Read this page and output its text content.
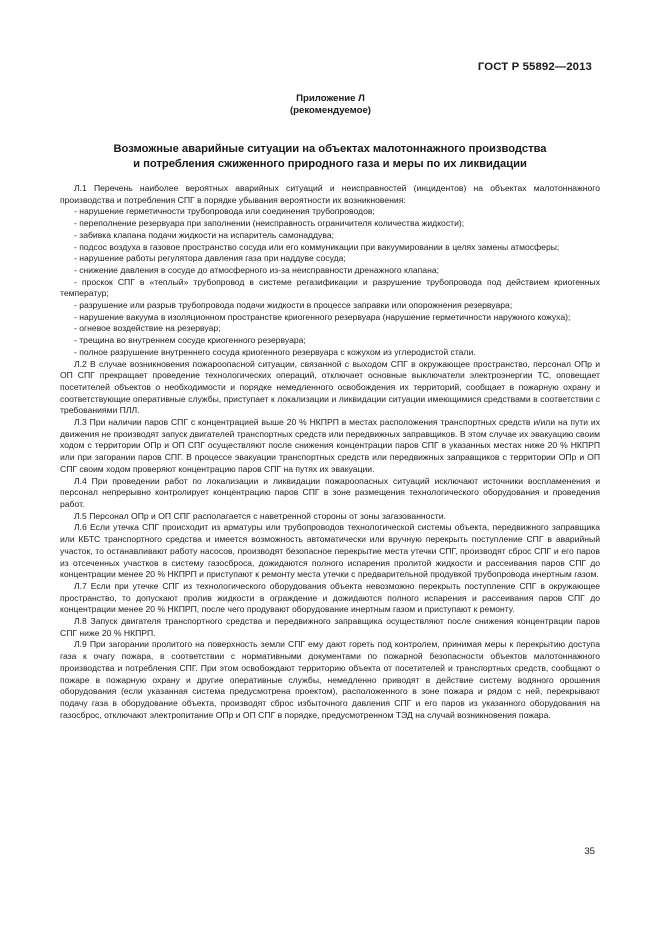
ГОСТ Р 55892—2013
Приложение Л
(рекомендуемое)
Возможные аварийные ситуации на объектах малотоннажного производства
и потребления сжиженного природного газа и меры по их ликвидации

Л.1 Перечень наиболее вероятных аварийных ситуаций и неисправностей (инцидентов) на объектах малотоннажного производства и потребления СПГ в порядке убывания вероятности их возникновения:

- нарушение герметичности трубопровода или соединения трубопроводов;

- переполнение резервуара при заполнении (неисправность ограничителя количества жидкости);

- забивка клапана подачи жидкости на испаритель самонаддува;

- подсос воздуха в газовое пространство сосуда или его коммуникации при вакуумировании в целях замены атмосферы;

- нарушение работы регулятора давления газа при наддуве сосуда;

- снижение давления в сосуде до атмосферного из-за неисправности дренажного клапана;

- проскок СПГ в «теплый» трубопровод в системе регазификации и разрушение трубопровода под действием криогенных температур;

- разрушение или разрыв трубопровода подачи жидкости в процессе заправки или опорожнения резервуара;

- нарушение вакуума в изоляционном пространстве криогенного резервуара (нарушение герметичности наружного кожуха);

- огневое воздействие на резервуар;

- трещина во внутреннем сосуде криогенного резервуара;

- полное разрушение внутреннего сосуда криогенного резервуара с кожухом из углеродистой стали.

Л.2 В случае возникновения пожароопасной ситуации, связанной с выходом СПГ в окружающее пространство, персонал ОПр и ОП СПГ прекращает проведение технологических операций, отключает основные выключатели электроэнергии ТС, оповещает посетителей объектов о необходимости и порядке немедленного освобождения их территорий, сообщает в пожарную охрану и соответствующие оперативные службы, приступает к локализации и ликвидации ситуации имеющимися средствами в соответствии с требованиями ПЛЛ.

Л.3 При наличии паров СПГ с концентрацией выше 20 % НКПРП в местах расположения транспортных средств и/или на пути их движения не производят запуск двигателей транспортных средств или передвижных заправщиков. В этом случае их эвакуацию своим ходом с территории ОПр и ОП СПГ осуществляют после снижения концентрации паров СПГ в указанных местах ниже 20 % НКПРП или при загорании паров СПГ. В процессе эвакуации транспортных средств или передвижных заправщиков с территории ОПр и ОП СПГ своим ходом проверяют концентрацию паров СПГ на путях их эвакуации.

Л.4 При проведении работ по локализации и ликвидации пожароопасных ситуаций исключают источники воспламенения и персонал непрерывно контролирует концентрацию паров СПГ в зоне размещения технологического оборудования и проведения работ.

Л.5 Персонал ОПр и ОП СПГ располагается с наветренной стороны от зоны загазованности.

Л.6 Если утечка СПГ происходит из арматуры или трубопроводов технологической системы объекта, передвижного заправщика или КБТС транспортного средства и имеется возможность автоматически или вручную перекрыть поступление СПГ в аварийный участок, то останавливают работу насосов, производят безопасное перекрытие места утечки СПГ, производят сброс СПГ и его паров из отсеченных участков в систему газосброса, дожидаются полного испарения пролитой жидкости и рассеивания паров СПГ до концентрации менее 20 % НКПРП и приступают к ремонту места утечки с предварительной продувкой трубопровода инертным газом.

Л.7 Если при утечке СПГ из технологического оборудования объекта невозможно перекрыть поступление СПГ в окружающее пространство, то допускают пролив жидкости в ограждение и дожидаются полного испарения и рассеивания паров СПГ до концентрации менее 20 % НКПРП, после чего продувают оборудование инертным газом и приступают к ремонту.

Л.8 Запуск двигателя транспортного средства и передвижного заправщика осуществляют после снижения концентрации паров СПГ ниже 20 % НКПРП.

Л.9 При загорании пролитого на поверхность земли СПГ ему дают гореть под контролем, принимая меры к перекрытию доступа газа к очагу пожара, в соответствии с нормативными документами по пожарной безопасности объектов малотоннажного производства и потребления СПГ. При этом освобождают территорию объекта от посетителей и транспортных средств, сообщают о пожаре в пожарную охрану и другие оперативные службы, немедленно приводят в действие систему водяного орошения оборудования (если указанная система предусмотрена проектом), расположенного в зоне пожара и рядом с ней, перекрывают подачу газа в оборудование объекта, производят сброс избыточного давления СПГ и его паров из указанного оборудования на газосброс, отключают электропитание ОПр и ОП СПГ в порядке, предусмотренном ТЭД на случай возникновения пожара.

35
